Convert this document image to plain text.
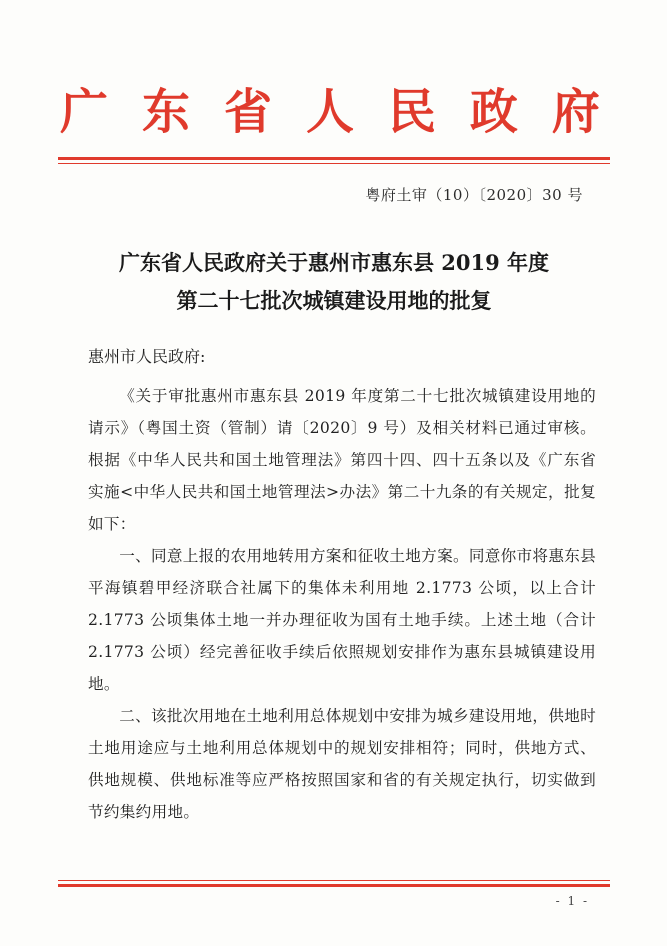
广 东 省 人 民 政 府
粤府土审（10）〔2020〕30 号
广东省人民政府关于惠州市惠东县 2019 年度
第二十七批次城镇建设用地的批复
惠州市人民政府:

《关于审批惠州市惠东县 2019 年度第二十七批次城镇建设用地的请示》（粤国土资（管制）请〔2020〕9 号）及相关材料已通过审核。根据《中华人民共和国土地管理法》第四十四、四十五条以及《广东省实施<中华人民共和国土地管理法>办法》第二十九条的有关规定，批复如下：

一、同意上报的农用地转用方案和征收土地方案。同意你市将惠东县平海镇碧甲经济联合社属下的集体未利用地 2.1773 公顷，以上合计 2.1773 公顷集体土地一并办理征收为国有土地手续。上述土地（合计 2.1773 公顷）经完善征收手续后依照规划安排作为惠东县城镇建设用地。

二、该批次用地在土地利用总体规划中安排为城乡建设用地，供地时土地用途应与土地利用总体规划中的规划安排相符；同时，供地方式、供地规模、供地标准等应严格按照国家和省的有关规定执行，切实做到节约集约用地。

- 1 -
